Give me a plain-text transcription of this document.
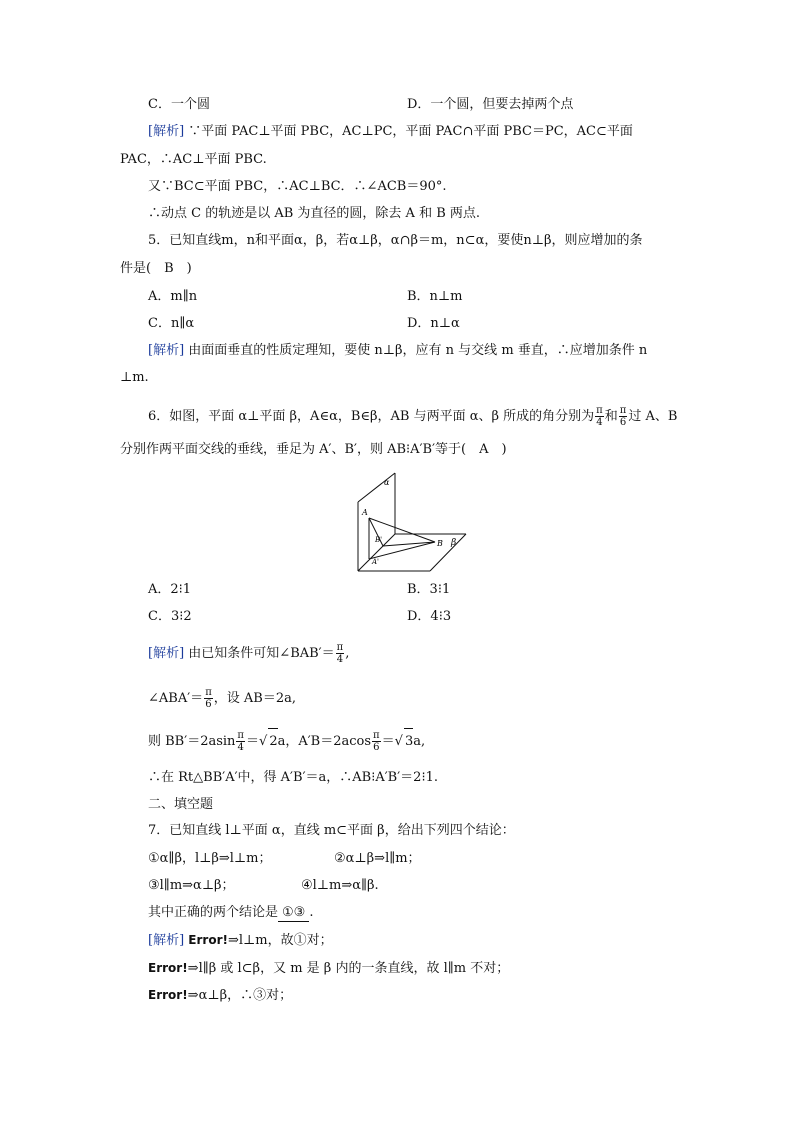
C．一个圆	D．一个圆，但要去掉两个点
[解析] ∵平面 PAC⊥平面 PBC，AC⊥PC，平面 PAC∩平面 PBC＝PC，AC⊂平面
PAC，∴AC⊥平面 PBC.
又∵BC⊂平面 PBC，∴AC⊥BC．∴∠ACB＝90°.
∴动点 C 的轨迹是以 AB 为直径的圆，除去 A 和 B 两点.
5．已知直线m，n和平面α，β，若α⊥β，α∩β＝m，n⊂α，要使n⊥β，则应增加的条
件是(　B　)
A．m∥n	B．n⊥m
C．n∥α	D．n⊥α
[解析] 由面面垂直的性质定理知，要使 n⊥β，应有 n 与交线 m 垂直，∴应增加条件 n
⊥m.
6．如图，平面 α⊥平面 β，A∈α，B∈β，AB 与两平面 α、β 所成的角分别为 $\frac{\pi}{4}$ 和 $\frac{\pi}{6}$ 过 A、B
分别作两平面交线的垂线，垂足为 A′、B′，则 AB⁝A′B′等于(　A　)
α
β
A
B
A'
B'
A．2⁝1	B．3⁝1
C．3⁝2	D．4⁝3
[解析] 由已知条件可知∠BAB′＝ $\frac{\pi}{4}$ ,
∠ABA′＝ $\frac{\pi}{6}$ ，设 AB＝2a,
则 $BB'=2asin \frac{\pi}{4}$ ＝√ 2a，$A'B=2acos \frac{\pi}{6}$ ＝√ 3a,
∴在 Rt△BB′A′中，得 A′B′＝a，∴AB⁝A′B′＝2⁝1.
二、填空题
7．已知直线 l⊥平面 α，直线 m⊂平面 β，给出下列四个结论：
①α∥β，l⊥β⇒l⊥m；	②α⊥β⇒l∥m；
③l∥m⇒α⊥β；	④l⊥m⇒α∥β.
其中正确的两个结论是 ①③ .
[解析] Error!⇒l⊥m，故①对；
Error!⇒l∥β 或 l⊂β，又 m 是 β 内的一条直线，故 l∥m 不对；
Error!⇒α⊥β，∴③对；
